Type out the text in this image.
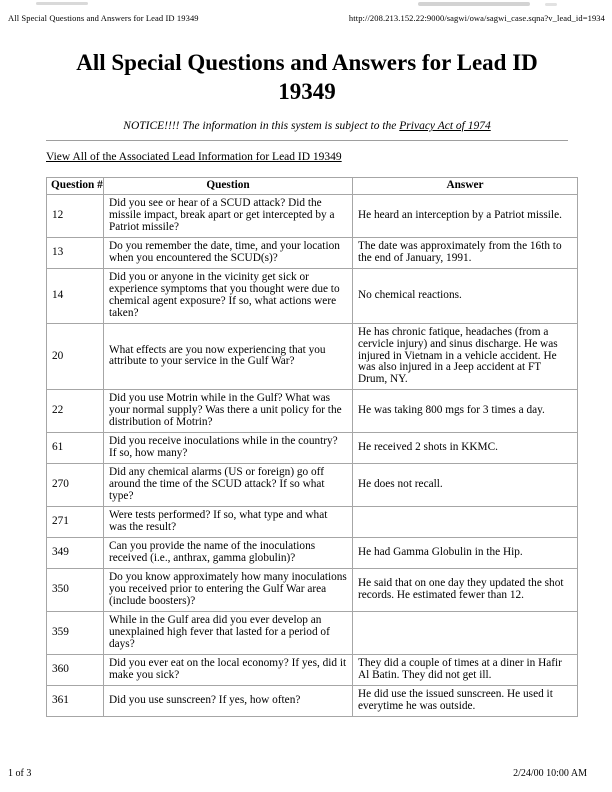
All Special Questions and Answers for Lead ID 19349	http://208.213.152.22:9000/sagwi/owa/sagwi_case.sqna?v_lead_id=1934
All Special Questions and Answers for Lead ID 19349
NOTICE!!!! The information in this system is subject to the Privacy Act of 1974
View All of the Associated Lead Information for Lead ID 19349
Question #	Question	Answer
12	Did you see or hear of a SCUD attack? Did the missile impact, break apart or get intercepted by a Patriot missile?	He heard an interception by a Patriot missile.
13	Do you remember the date, time, and your location when you encountered the SCUD(s)?	The date was approximately from the 16th to the end of January, 1991.
14	Did you or anyone in the vicinity get sick or experience symptoms that you thought were due to chemical agent exposure? If so, what actions were taken?	No chemical reactions.
20	What effects are you now experiencing that you attribute to your service in the Gulf War?	He has chronic fatique, headaches (from a cervicle injury) and sinus discharge. He was injured in Vietnam in a vehicle accident. He was also injured in a Jeep accident at FT Drum, NY.
22	Did you use Motrin while in the Gulf? What was your normal supply? Was there a unit policy for the distribution of Motrin?	He was taking 800 mgs for 3 times a day.
61	Did you receive inoculations while in the country? If so, how many?	He received 2 shots in KKMC.
270	Did any chemical alarms (US or foreign) go off around the time of the SCUD attack? If so what type?	He does not recall.
271	Were tests performed? If so, what type and what was the result?	
349	Can you provide the name of the inoculations received (i.e., anthrax, gamma globulin)?	He had Gamma Globulin in the Hip.
350	Do you know approximately how many inoculations you received prior to entering the Gulf War area (include boosters)?	He said that on one day they updated the shot records. He estimated fewer than 12.
359	While in the Gulf area did you ever develop an unexplained high fever that lasted for a period of days?	
360	Did you ever eat on the local economy? If yes, did it make you sick?	They did a couple of times at a diner in Hafir Al Batin. They did not get ill.
361	Did you use sunscreen? If yes, how often?	He did use the issued sunscreen. He used it everytime he was outside.
1 of 3	2/24/00 10:00 AM
